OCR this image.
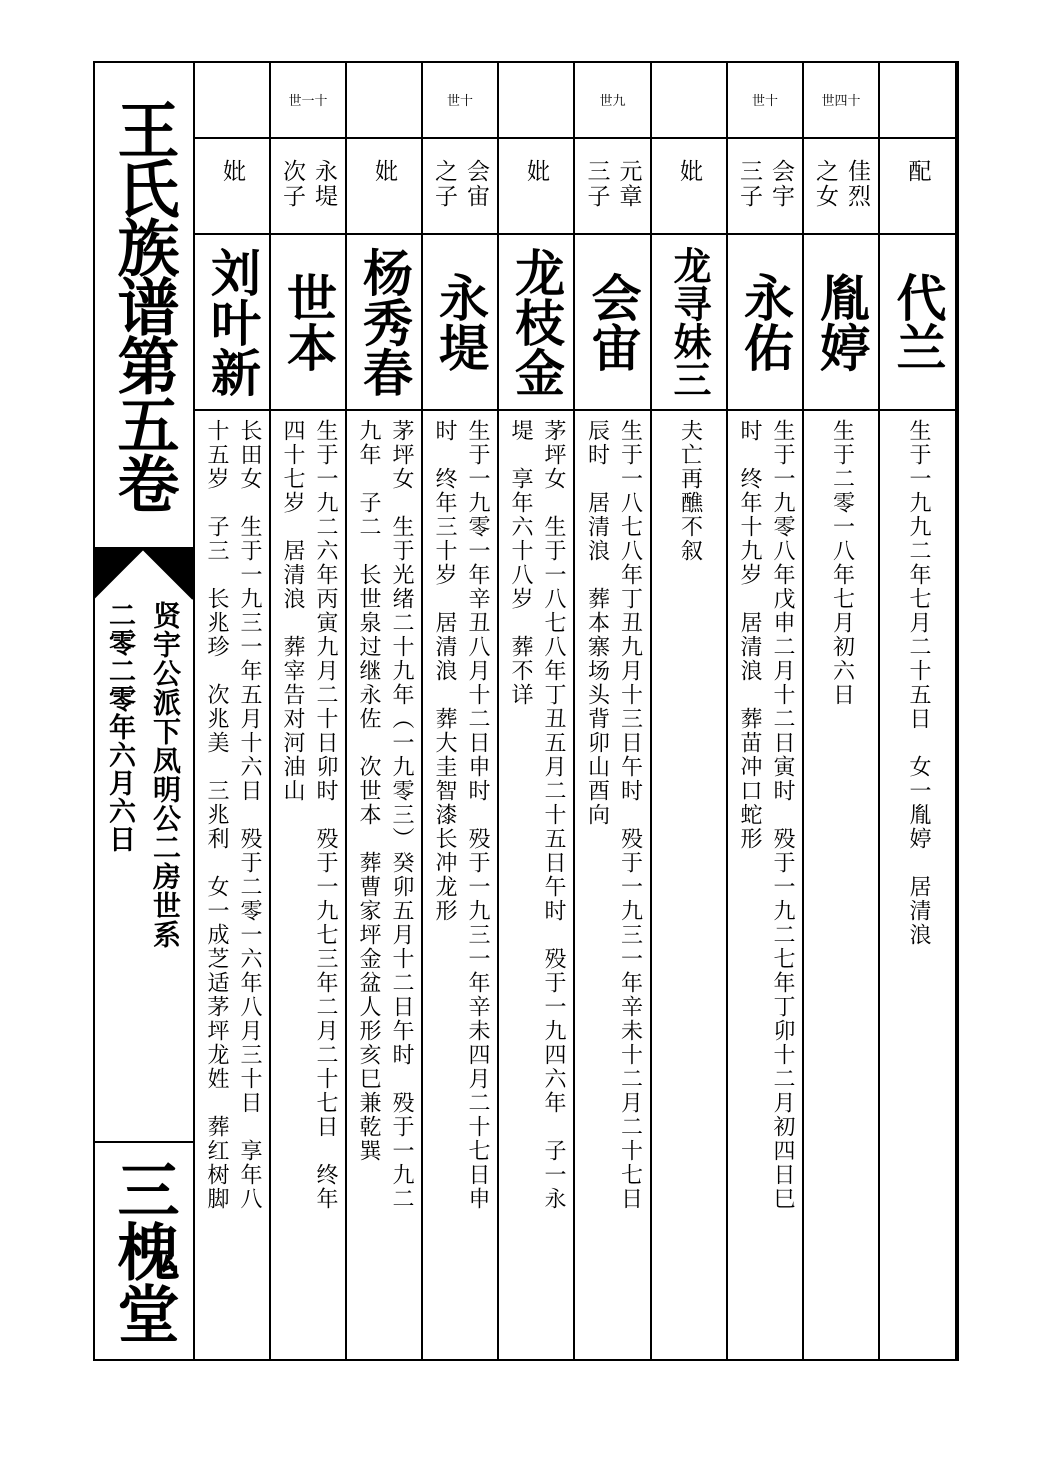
王氏族谱第五卷
贤宇公派下凤明公二房世系
二零二零年六月六日
三槐堂
配
代兰
生于一九九二年七月二十五日　女一胤婷　居清浪
世四十
佳烈
之女
胤婷
生于二零一八年七月初六日
世十
会宇
三子
永佑
生于一九零八年戊申二月十二日寅时　殁于一九二七年丁卯十二月初四日巳
时　终年十九岁　居清浪　葬苗冲口蛇形
妣
龙寻妹三
夫亡再醮不叙
世九
元章
三子
会宙
生于一八七八年丁丑九月十三日午时　殁于一九三一年辛未十二月二十七日
辰时　居清浪　葬本寨场头背卯山酉向
妣
龙枝金
茅坪女　生于一八七八年丁丑五月二十五日午时　殁于一九四六年　子一永
堤　享年六十八岁　葬不详
世十
会宙
之子
永堤
生于一九零一年辛丑八月十二日申时　殁于一九三一年辛未四月二十七日申
时　终年三十岁　居清浪　葬大圭智漆长冲龙形
妣
杨秀春
茅坪女　生于光绪二十九年（一九零三）癸卯五月十二日午时　殁于一九二
九年　子二　长世泉过继永佐　次世本　葬曹家坪金盆人形亥巳兼乾巽
世一十
永堤
次子
世本
生于一九二六年丙寅九月二十日卯时　殁于一九七三年二月二十七日　终年
四十七岁　居清浪　葬宰告对河油山
妣
刘叶新
长田女　生于一九三一年五月十六日　殁于二零一六年八月三十日　享年八
十五岁　子三　长兆珍　次兆美　三兆利　女一成芝适茅坪龙姓　葬红树脚
